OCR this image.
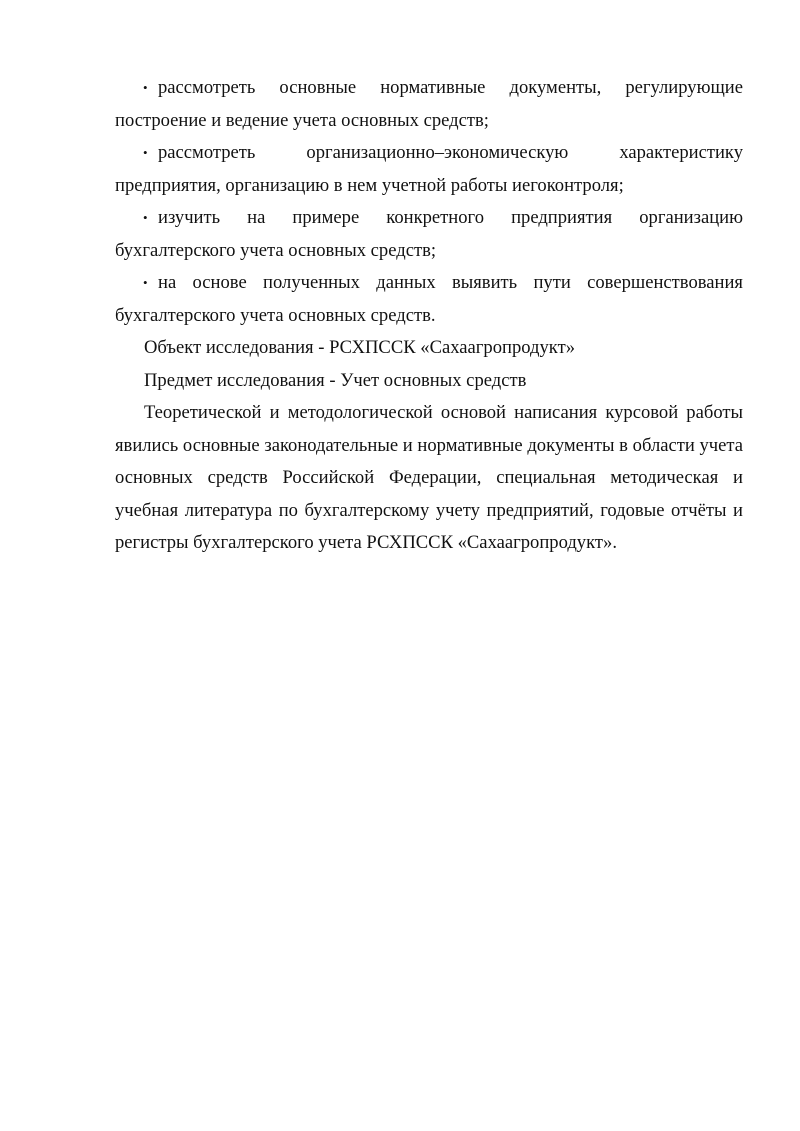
• рассмотреть основные нормативные документы, регулирующие построение и ведение учета основных средств;

• рассмотреть организационно–экономическую характеристику предприятия, организацию в нем учетной работы иегоконтроля;

• изучить на примере конкретного предприятия организацию бухгалтерского учета основных средств;

• на основе полученных данных выявить пути совершенствования бухгалтерского учета основных средств.

Объект исследования - РСХПССК «Сахаагропродукт»

Предмет исследования - Учет основных средств

Теоретической и методологической основой написания курсовой работы явились основные законодательные и нормативные документы в области учета основных средств Российской Федерации, специальная методическая и учебная литература по бухгалтерскому учету предприятий, годовые отчёты и регистры бухгалтерского учета РСХПССК «Сахаагропродукт».
